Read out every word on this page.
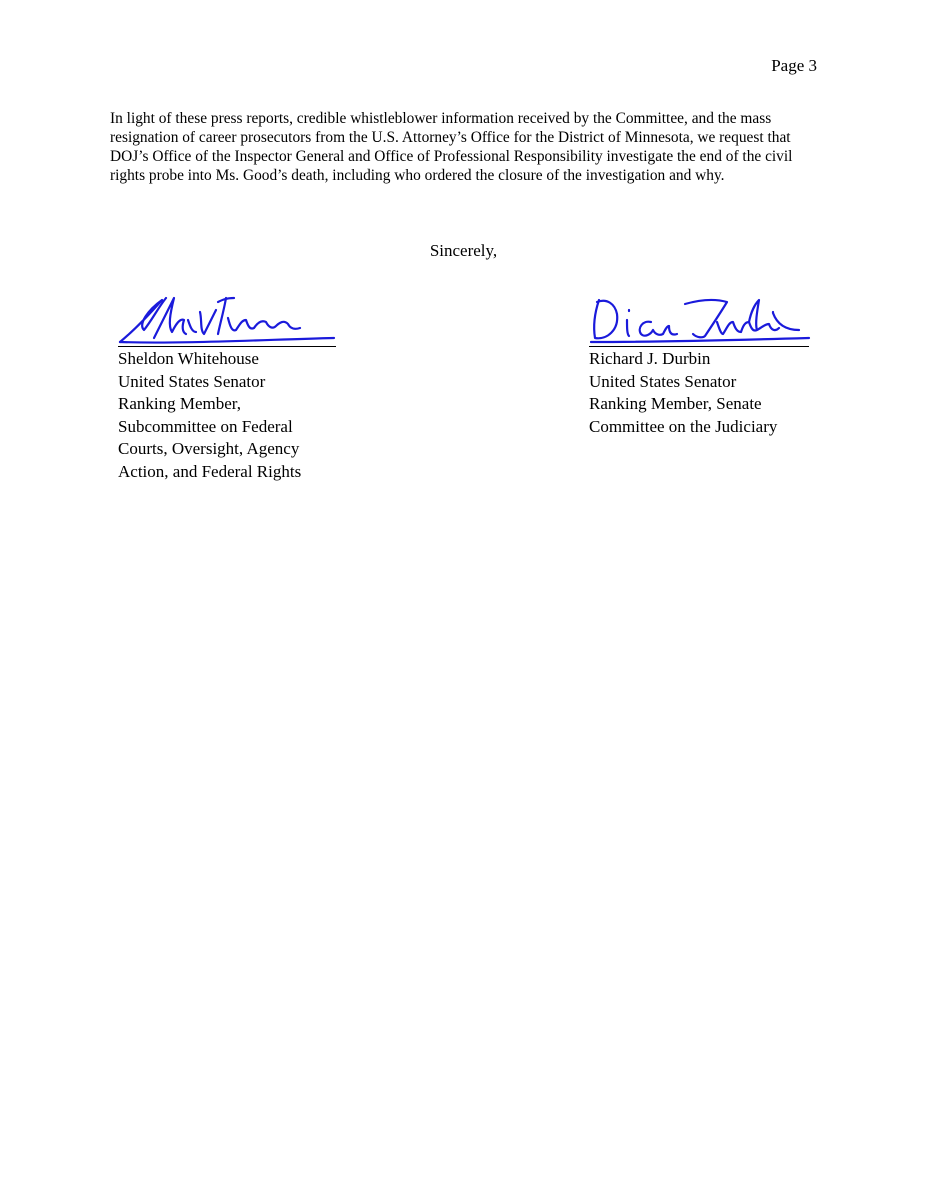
Page 3

In light of these press reports, credible whistleblower information received by the Committee, and the mass resignation of career prosecutors from the U.S. Attorney’s Office for the District of Minnesota, we request that DOJ’s Office of the Inspector General and Office of Professional Responsibility investigate the end of the civil rights probe into Ms. Good’s death, including who ordered the closure of the investigation and why.

Sincerely,
Sheldon Whitehouse
United States Senator
Ranking Member,
Subcommittee on Federal
Courts, Oversight, Agency
Action, and Federal Rights
Richard J. Durbin
United States Senator
Ranking Member, Senate
Committee on the Judiciary
